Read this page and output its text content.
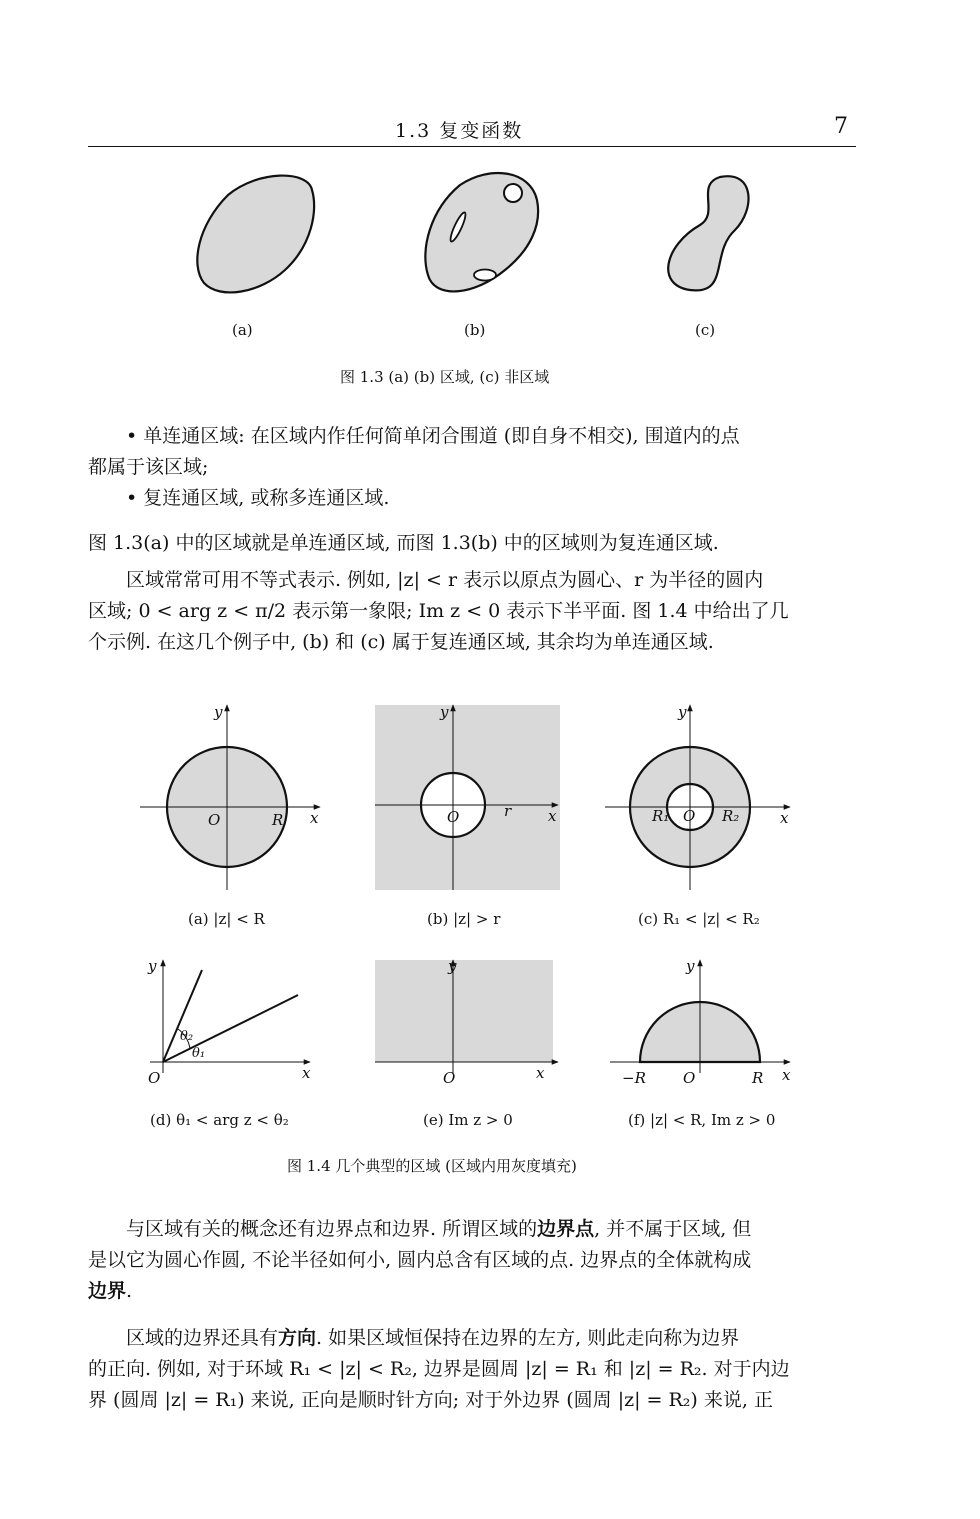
1.3 复变函数	7
(a)	(b)	(c)
图 1.3 (a) (b) 区域, (c) 非区域

• 单连通区域: 在区域内作任何简单闭合围道 (即自身不相交), 围道内的点

都属于该区域;

• 复连通区域, 或称多连通区域.

图 1.3(a) 中的区域就是单连通区域, 而图 1.3(b) 中的区域则为复连通区域.

区域常常可用不等式表示. 例如, |z| < r 表示以原点为圆心、r 为半径的圆内

区域; 0 < arg z < π/2 表示第一象限; Im z < 0 表示下半平面. 图 1.4 中给出了几

个示例. 在这几个例子中, (b) 和 (c) 属于复连通区域, 其余均为单连通区域.

y
x
O	R
y
x
O	r
y
x
O
R₁	R₂
y
x
O
θ₂
θ₁
y
x
O
y
x
O
−R	R
(a) |z| < R	(b) |z| > r	(c) R₁ < |z| < R₂
(d) θ₁ < arg z < θ₂	(e) Im z > 0	(f) |z| < R, Im z > 0
图 1.4 几个典型的区域 (区域内用灰度填充)

与区域有关的概念还有边界点和边界. 所谓区域的边界点, 并不属于区域, 但

是以它为圆心作圆, 不论半径如何小, 圆内总含有区域的点. 边界点的全体就构成

边界.

区域的边界还具有方向. 如果区域恒保持在边界的左方, 则此走向称为边界

的正向. 例如, 对于环域 R₁ < |z| < R₂, 边界是圆周 |z| = R₁ 和 |z| = R₂. 对于内边

界 (圆周 |z| = R₁) 来说, 正向是顺时针方向; 对于外边界 (圆周 |z| = R₂) 来说, 正
